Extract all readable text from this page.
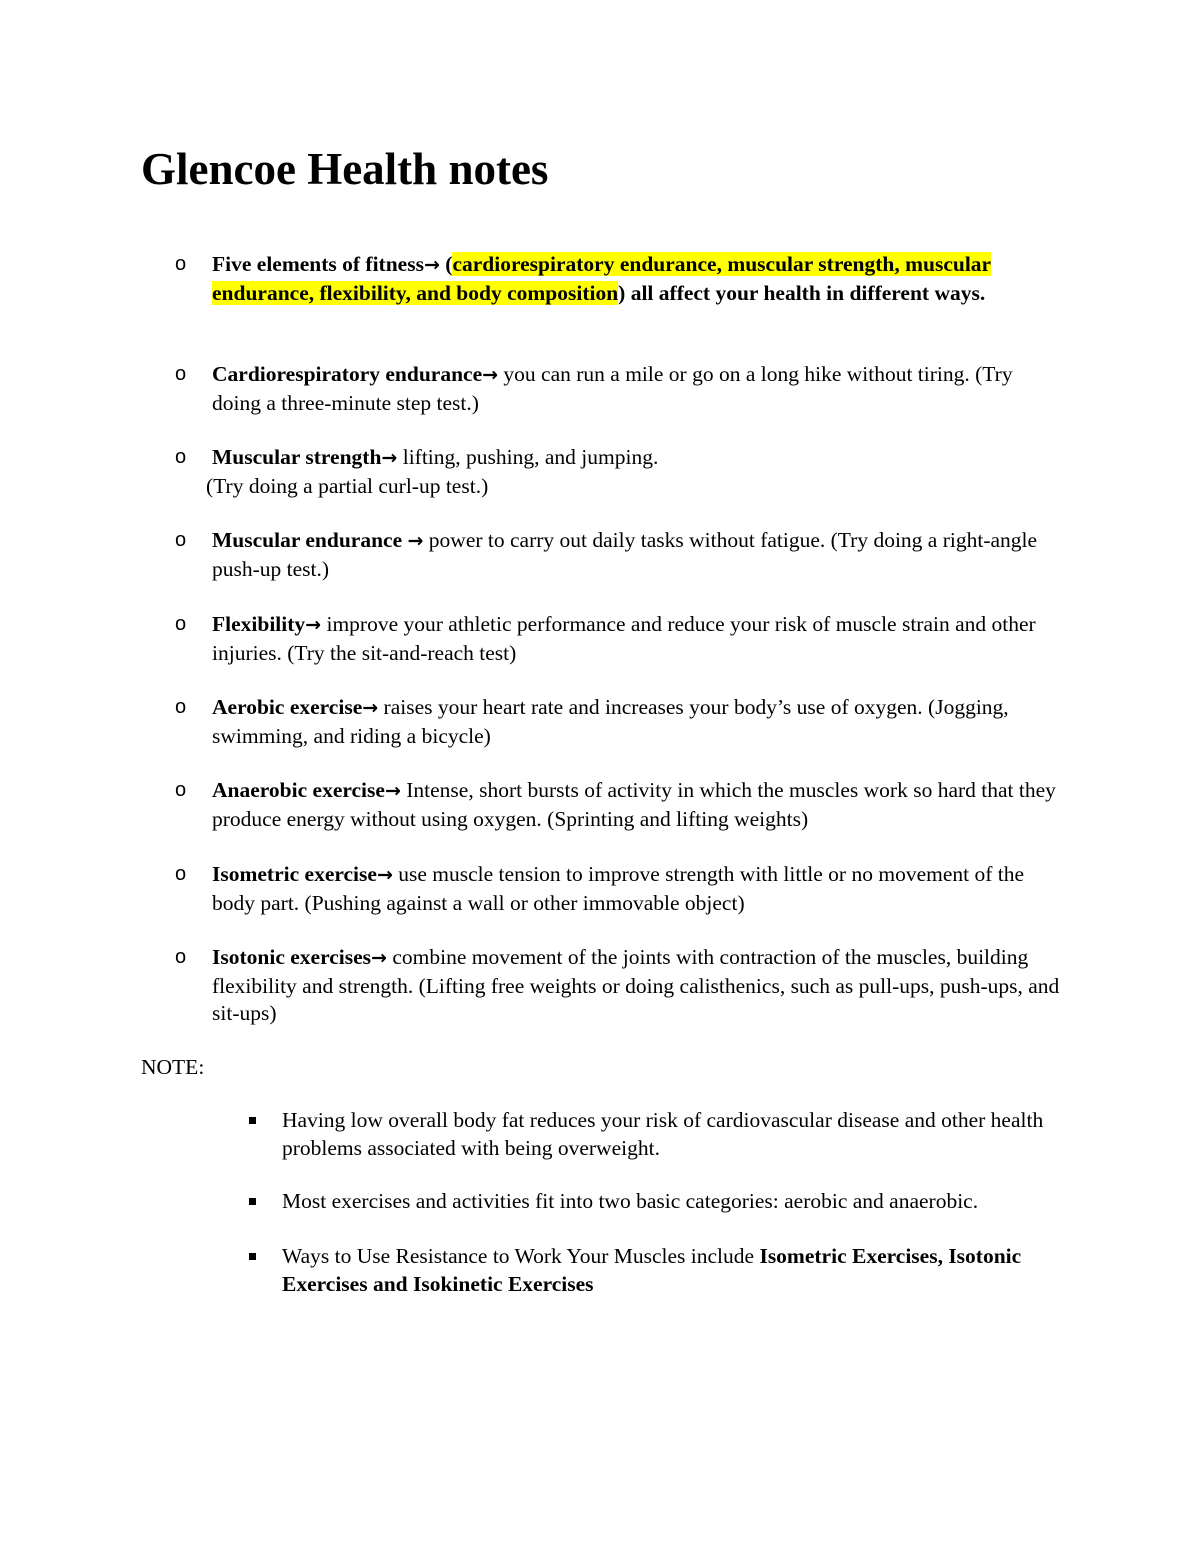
Glencoe Health notes
o Five elements of fitness→ (cardiorespiratory endurance, muscular strength, muscular endurance, flexibility, and body composition) all affect your health in different ways.
o Cardiorespiratory endurance→ you can run a mile or go on a long hike without tiring. (Try doing a three-minute step test.)
o Muscular strength→ lifting, pushing, and jumping.
(Try doing a partial curl-up test.)
o Muscular endurance → power to carry out daily tasks without fatigue. (Try doing a right-angle push-up test.)
o Flexibility→ improve your athletic performance and reduce your risk of muscle strain and other injuries. (Try the sit-and-reach test)
o Aerobic exercise→ raises your heart rate and increases your body’s use of oxygen. (Jogging, swimming, and riding a bicycle)
o Anaerobic exercise→ Intense, short bursts of activity in which the muscles work so hard that they produce energy without using oxygen. (Sprinting and lifting weights)
o Isometric exercise→ use muscle tension to improve strength with little or no movement of the body part. (Pushing against a wall or other immovable object)
o Isotonic exercises→ combine movement of the joints with contraction of the muscles, building flexibility and strength. (Lifting free weights or doing calisthenics, such as pull-ups, push-ups, and sit-ups)
NOTE:
Having low overall body fat reduces your risk of cardiovascular disease and other health problems associated with being overweight.
Most exercises and activities fit into two basic categories: aerobic and anaerobic.
Ways to Use Resistance to Work Your Muscles include Isometric Exercises, Isotonic Exercises and Isokinetic Exercises
